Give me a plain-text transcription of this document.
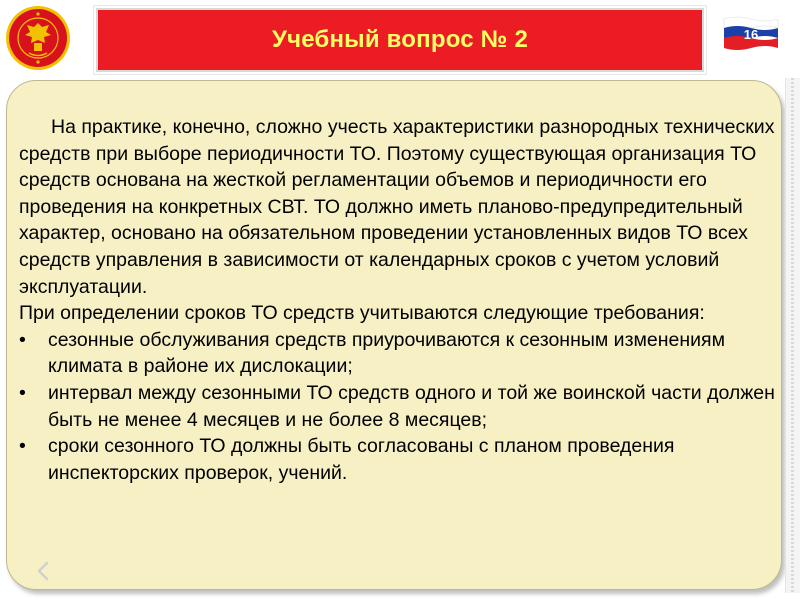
Учебный вопрос № 2	16

На практике, конечно, сложно учесть характеристики разнородных технических средств при выборе периодичности ТО. Поэтому существующая организация ТО средств основана на жесткой регламентации объемов и периодичности его проведения на конкретных СВТ. ТО должно иметь планово-предупредительный характер, основано на обязательном проведении установленных видов ТО всех средств управления в зависимости от календарных сроков с учетом условий эксплуатации.

При определении сроков ТО средств учитываются следующие требования:

• сезонные обслуживания средств приурочиваются к сезонным изменениям климата в районе их дислокации;
• интервал между сезонными ТО средств одного и той же воинской части должен быть не менее 4 месяцев и не более 8 месяцев;
• сроки сезонного ТО должны быть согласованы с планом проведения инспекторских проверок, учений.
